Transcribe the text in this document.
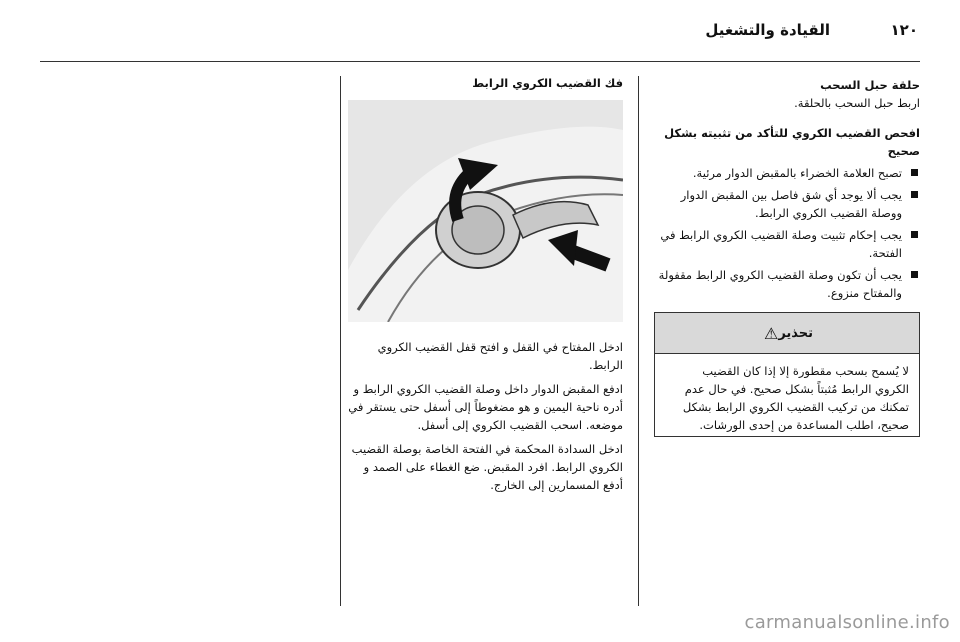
١٢٠
القيادة والتشغيل

حلقة حبل السحب

اربط حبل السحب بالحلقة.

افحص القضيب الكروي للتأكد من تثبيته بشكل صحيح

تصبح العلامة الخضراء بالمقبض الدوار مرئية.
يجب ألا يوجد أي شق فاصل بين المقبض الدوار ووصلة القضيب الكروي الرابط.
يجب إحكام تثبيت وصلة القضيب الكروي الرابط في الفتحة.
يجب أن تكون وصلة القضيب الكروي الرابط مقفولة والمفتاح منزوع.
تحذير
⚠
لا يُسمح بسحب مقطورة إلا إذا كان القضيب الكروي الرابط مُثبتاً بشكل صحيح. في حال عدم تمكنك من تركيب القضيب الكروي الرابط بشكل صحيح، اطلب المساعدة من إحدى الورشات.
فك القضيب الكروي الرابط

ادخل المفتاح في القفل و افتح قفل القضيب الكروي الرابط.

ادفع المقبض الدوار داخل وصلة القضيب الكروي الرابط و أدره ناحية اليمين و هو مضغوطاً إلى أسفل حتى يستقر في موضعه. اسحب القضيب الكروي إلى أسفل.

ادخل السدادة المحكمة في الفتحة الخاصة بوصلة القضيب الكروي الرابط. افرد المقبض. ضع الغطاء على الصمد و أدفع المسمارين إلى الخارج.

carmanualsonline.info
